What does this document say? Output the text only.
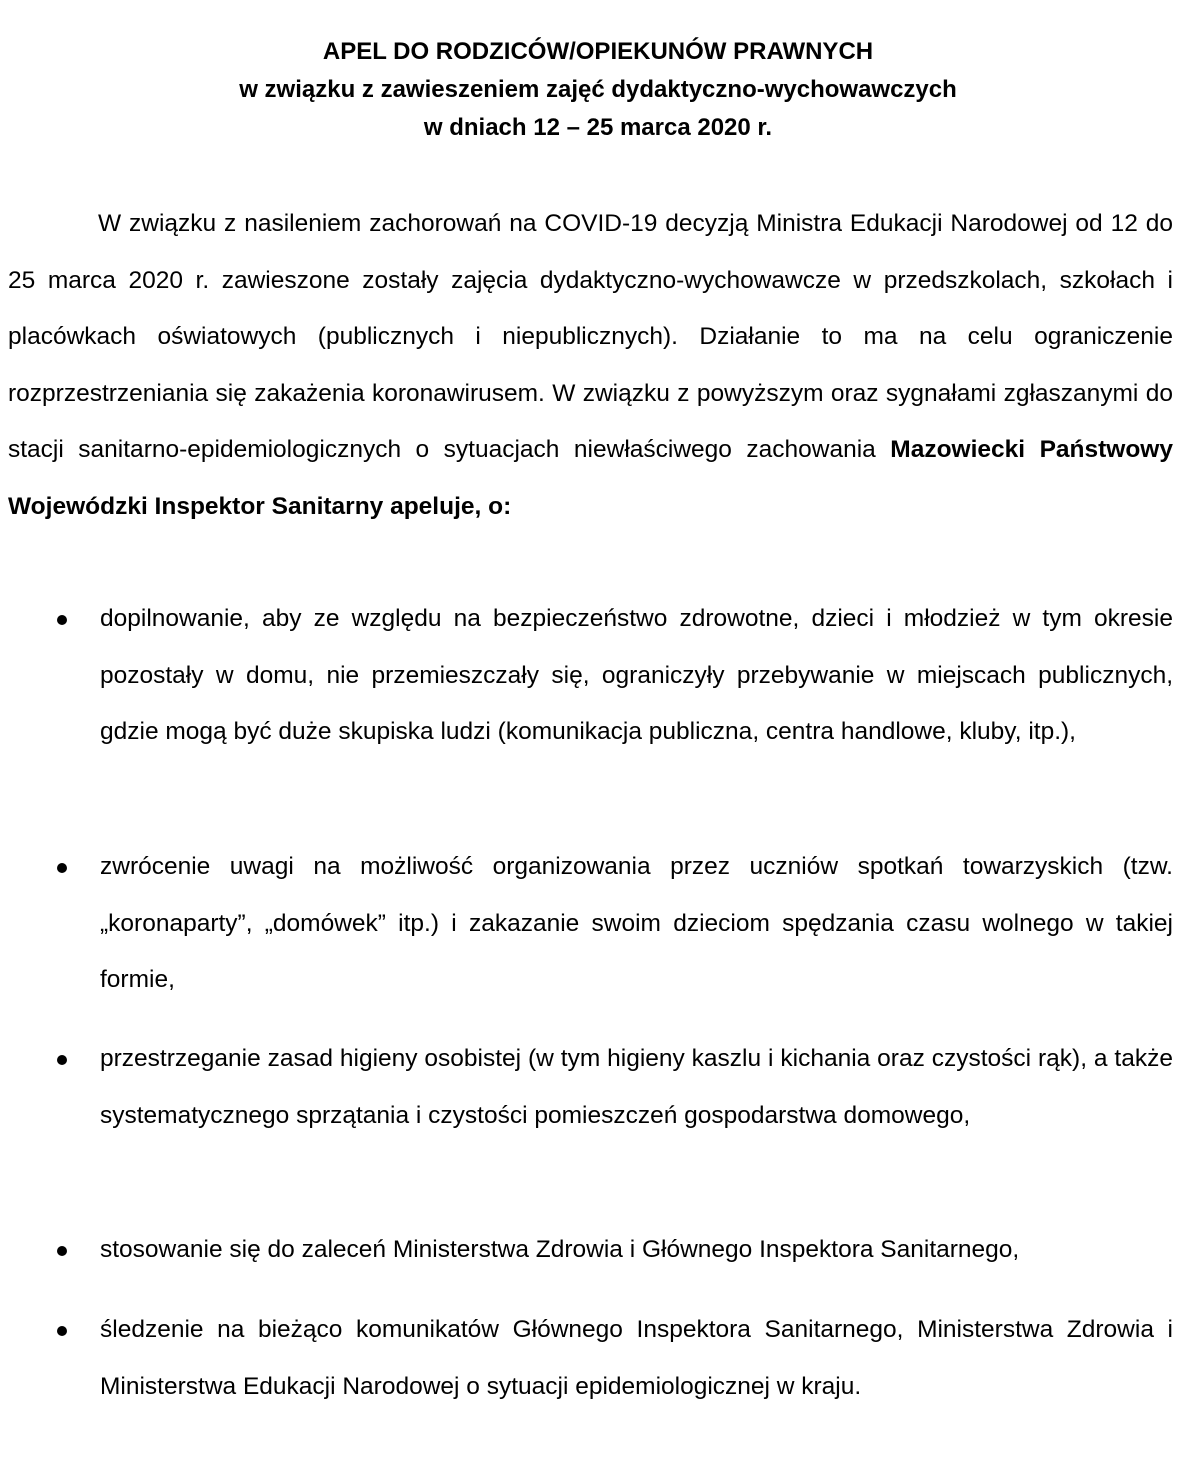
APEL DO RODZICÓW/OPIEKUNÓW PRAWNYCH
w związku z zawieszeniem zajęć dydaktyczno-wychowawczych
w dniach 12 – 25 marca 2020 r.

W związku z nasileniem zachorowań na COVID-19 decyzją Ministra Edukacji Narodowej od 12 do 25 marca 2020 r. zawieszone zostały zajęcia dydaktyczno-wychowawcze w przedszkolach, szkołach i placówkach oświatowych (publicznych i niepublicznych). Działanie to ma na celu ograniczenie rozprzestrzeniania się zakażenia koronawirusem. W związku z powyższym oraz sygnałami zgłaszanymi do stacji sanitarno-epidemiologicznych o sytuacjach niewłaściwego zachowania Mazowiecki Państwowy Wojewódzki Inspektor Sanitarny apeluje, o:

dopilnowanie, aby ze względu na bezpieczeństwo zdrowotne, dzieci i młodzież w tym okresie pozostały w domu, nie przemieszczały się, ograniczyły przebywanie w miejscach publicznych, gdzie mogą być duże skupiska ludzi (komunikacja publiczna, centra handlowe, kluby, itp.),
zwrócenie uwagi na możliwość organizowania przez uczniów spotkań towarzyskich (tzw. „koronaparty”, „domówek” itp.) i zakazanie swoim dzieciom spędzania czasu wolnego w takiej formie,
przestrzeganie zasad higieny osobistej (w tym higieny kaszlu i kichania oraz czystości rąk), a także systematycznego sprzątania i czystości pomieszczeń gospodarstwa domowego,
stosowanie się do zaleceń Ministerstwa Zdrowia i Głównego Inspektora Sanitarnego,
śledzenie na bieżąco komunikatów Głównego Inspektora Sanitarnego, Ministerstwa Zdrowia i Ministerstwa Edukacji Narodowej o sytuacji epidemiologicznej w kraju.
